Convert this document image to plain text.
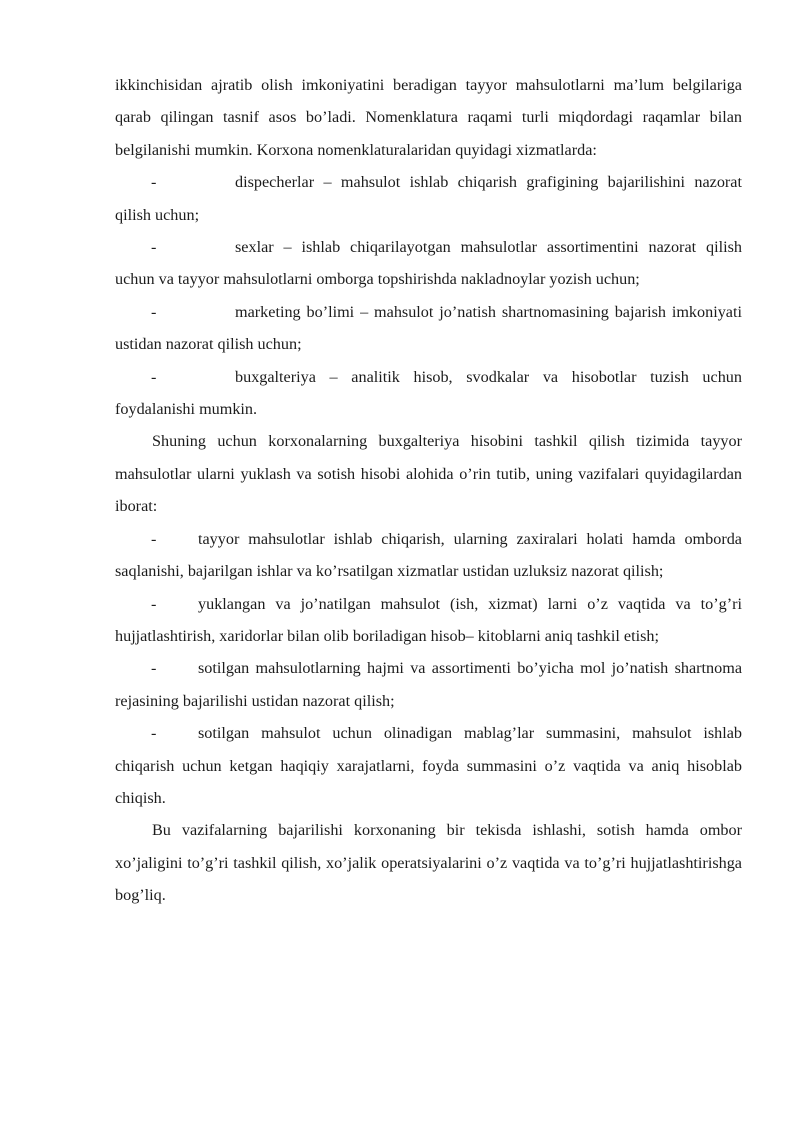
ikkinchisidan ajratib olish imkoniyatini beradigan tayyor mahsulotlarni ma’lum belgilariga qarab qilingan tasnif asos bo’ladi. Nomenklatura raqami turli miqdordagi raqamlar bilan belgilanishi mumkin. Korxona nomenklaturalaridan quyidagi xizmatlarda:

-	dispecherlar – mahsulot ishlab chiqarish grafigining bajarilishini nazorat qilish uchun;

-	sexlar – ishlab chiqarilayotgan mahsulotlar assortimentini nazorat qilish uchun va tayyor mahsulotlarni omborga topshirishda nakladnoylar yozish uchun;

-	marketing bo’limi – mahsulot jo’natish shartnomasining bajarish imkoniyati ustidan nazorat qilish uchun;

-	buxgalteriya – analitik hisob, svodkalar va hisobotlar tuzish uchun foydalanishi mumkin.

Shuning uchun korxonalarning buxgalteriya hisobini tashkil qilish tizimida tayyor mahsulotlar ularni yuklash va sotish hisobi alohida o’rin tutib, uning vazifalari quyidagilardan iborat:

-	tayyor mahsulotlar ishlab chiqarish, ularning zaxiralari holati hamda omborda saqlanishi, bajarilgan ishlar va ko’rsatilgan xizmatlar ustidan uzluksiz nazorat qilish;

-	yuklangan va jo’natilgan mahsulot (ish, xizmat) larni o’z vaqtida va to’g’ri hujjatlashtirish, xaridorlar bilan olib boriladigan hisob– kitoblarni aniq tashkil etish;

-	sotilgan mahsulotlarning hajmi va assortimenti bo’yicha mol jo’natish shartnoma rejasining bajarilishi ustidan nazorat qilish;

-	sotilgan mahsulot uchun olinadigan mablag’lar summasini, mahsulot ishlab chiqarish uchun ketgan haqiqiy xarajatlarni, foyda summasini o’z vaqtida va aniq hisoblab chiqish.

Bu vazifalarning bajarilishi korxonaning bir tekisda ishlashi, sotish hamda ombor xo’jaligini to’g’ri tashkil qilish, xo’jalik operatsiyalarini o’z vaqtida va to’g’ri hujjatlashtirishga bog’liq.
